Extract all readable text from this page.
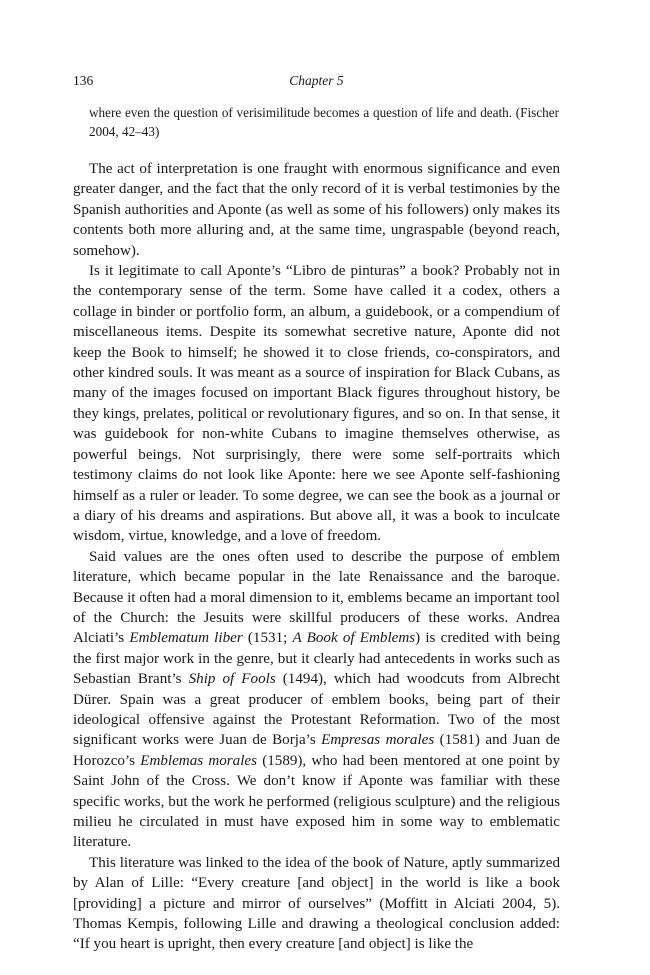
136	Chapter 5

where even the question of verisimilitude becomes a question of life and death. (Fischer 2004, 42–43)

The act of interpretation is one fraught with enormous significance and even greater danger, and the fact that the only record of it is verbal testimonies by the Spanish authorities and Aponte (as well as some of his followers) only makes its contents both more alluring and, at the same time, ungraspable (beyond reach, somehow).

Is it legitimate to call Aponte’s “Libro de pinturas” a book? Probably not in the contemporary sense of the term. Some have called it a codex, others a collage in binder or portfolio form, an album, a guidebook, or a compendium of miscellaneous items. Despite its somewhat secretive nature, Aponte did not keep the Book to himself; he showed it to close friends, co-conspirators, and other kindred souls. It was meant as a source of inspiration for Black Cubans, as many of the images focused on important Black figures throughout history, be they kings, prelates, political or revolutionary figures, and so on. In that sense, it was guidebook for non-white Cubans to imagine themselves otherwise, as powerful beings. Not surprisingly, there were some self-portraits which testimony claims do not look like Aponte: here we see Aponte self-fashioning himself as a ruler or leader. To some degree, we can see the book as a journal or a diary of his dreams and aspirations. But above all, it was a book to inculcate wisdom, virtue, knowledge, and a love of freedom.

Said values are the ones often used to describe the purpose of emblem literature, which became popular in the late Renaissance and the baroque. Because it often had a moral dimension to it, emblems became an important tool of the Church: the Jesuits were skillful producers of these works. Andrea Alciati’s Emblematum liber (1531; A Book of Emblems) is credited with being the first major work in the genre, but it clearly had antecedents in works such as Sebastian Brant’s Ship of Fools (1494), which had woodcuts from Albrecht Dürer. Spain was a great producer of emblem books, being part of their ideological offensive against the Protestant Reformation. Two of the most significant works were Juan de Borja’s Empresas morales (1581) and Juan de Horozco’s Emblemas morales (1589), who had been mentored at one point by Saint John of the Cross. We don’t know if Aponte was familiar with these specific works, but the work he performed (religious sculpture) and the religious milieu he circulated in must have exposed him in some way to emblematic literature.

This literature was linked to the idea of the book of Nature, aptly summarized by Alan of Lille: “Every creature [and object] in the world is like a book [providing] a picture and mirror of ourselves” (Moffitt in Alciati 2004, 5). Thomas Kempis, following Lille and drawing a theological conclusion added: “If you heart is upright, then every creature [and object] is like the
